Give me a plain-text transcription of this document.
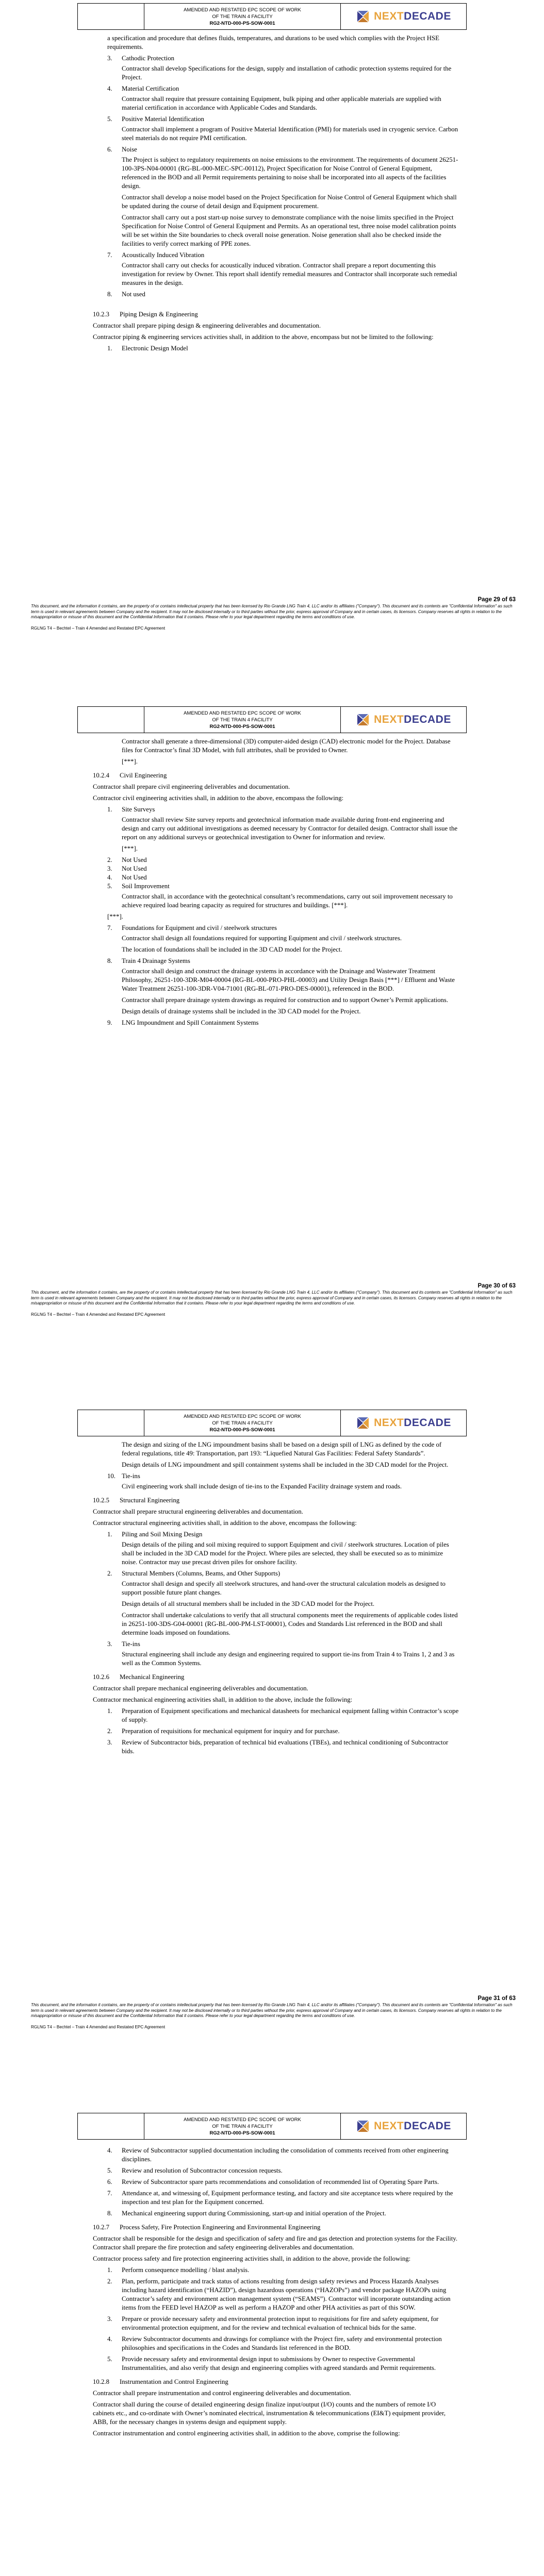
AMENDED AND RESTATED EPC SCOPE OF WORK
OF THE TRAIN 4 FACILITY
RG2-NTD-000-PS-SOW-0001
NEXTDECADE

a specification and procedure that defines fluids, temperatures, and durations to be used which complies with the Project HSE requirements.

3.	Cathodic Protection

Contractor shall develop Specifications for the design, supply and installation of cathodic protection systems required for the Project.

4.	Material Certification

Contractor shall require that pressure containing Equipment, bulk piping and other applicable materials are supplied with material certification in accordance with Applicable Codes and Standards.

5.	Positive Material Identification

Contractor shall implement a program of Positive Material Identification (PMI) for materials used in cryogenic service. Carbon steel materials do not require PMI certification.

6.	Noise

The Project is subject to regulatory requirements on noise emissions to the environment. The requirements of document 26251-100-3PS-N04-00001 (RG-BL-000-MEC-SPC-00112), Project Specification for Noise Control of General Equipment, referenced in the BOD and all Permit requirements pertaining to noise shall be incorporated into all aspects of the facilities design.

Contractor shall develop a noise model based on the Project Specification for Noise Control of General Equipment which shall be updated during the course of detail design and Equipment procurement.

Contractor shall carry out a post start-up noise survey to demonstrate compliance with the noise limits specified in the Project Specification for Noise Control of General Equipment and Permits. As an operational test, three noise model calibration points will be set within the Site boundaries to check overall noise generation. Noise generation shall also be checked inside the facilities to verify correct marking of PPE zones.

7.	Acoustically Induced Vibration

Contractor shall carry out checks for acoustically induced vibration. Contractor shall prepare a report documenting this investigation for review by Owner. This report shall identify remedial measures and Contractor shall incorporate such remedial measures in the design.

8.	Not used
10.2.3	Piping Design & Engineering

Contractor shall prepare piping design & engineering deliverables and documentation.

Contractor piping & engineering services activities shall, in addition to the above, encompass but not be limited to the following:

1.	Electronic Design Model
Page 29 of 63
This document, and the information it contains, are the property of or contains intellectual property that has been licensed by Rio Grande LNG Train 4, LLC and/or its affiliates ("Company"). This document and its contents are "Confidential Information" as such term is used in relevant agreements between Company and the recipient. It may not be disclosed internally or to third parties without the prior, express approval of Company and in certain cases, its licensors. Company reserves all rights in relation to the misappropriation or misuse of this document and the Confidential Information that it contains. Please refer to your legal department regarding the terms and conditions of use.
RGLNG T4 – Bechtel – Train 4 Amended and Restated EPC Agreement
AMENDED AND RESTATED EPC SCOPE OF WORK
OF THE TRAIN 4 FACILITY
RG2-NTD-000-PS-SOW-0001
NEXTDECADE

Contractor shall generate a three-dimensional (3D) computer-aided design (CAD) electronic model for the Project. Database files for Contractor’s final 3D Model, with full attributes, shall be provided to Owner.

[***].

10.2.4	Civil Engineering

Contractor shall prepare civil engineering deliverables and documentation.

Contractor civil engineering activities shall, in addition to the above, encompass the following:

1.	Site Surveys

Contractor shall review Site survey reports and geotechnical information made available during front-end engineering and design and carry out additional investigations as deemed necessary by Contractor for detailed design. Contractor shall issue the report on any additional surveys or geotechnical investigation to Owner for information and review.

[***].

2.	Not Used
3.	Not Used
4.	Not Used
5.	Soil Improvement

Contractor shall, in accordance with the geotechnical consultant’s recommendations, carry out soil improvement necessary to achieve required load bearing capacity as required for structures and buildings. [***].

[***].

7.	Foundations for Equipment and civil / steelwork structures

Contractor shall design all foundations required for supporting Equipment and civil / steelwork structures.

The location of foundations shall be included in the 3D CAD model for the Project.

8.	Train 4 Drainage Systems

Contractor shall design and construct the drainage systems in accordance with the Drainage and Wastewater Treatment Philosophy, 26251-100-3DR-M04-00004 (RG-BL-000-PRO-PHL-00003) and Utility Design Basis [***] / Effluent and Waste Water Treatment 26251-100-3DR-V04-71001 (RG-BL-071-PRO-DES-00001), referenced in the BOD.

Contractor shall prepare drainage system drawings as required for construction and to support Owner’s Permit applications.

Design details of drainage systems shall be included in the 3D CAD model for the Project.

9.	LNG Impoundment and Spill Containment Systems
Page 30 of 63
This document, and the information it contains, are the property of or contains intellectual property that has been licensed by Rio Grande LNG Train 4, LLC and/or its affiliates ("Company"). This document and its contents are "Confidential Information" as such term is used in relevant agreements between Company and the recipient. It may not be disclosed internally or to third parties without the prior, express approval of Company and in certain cases, its licensors. Company reserves all rights in relation to the misappropriation or misuse of this document and the Confidential Information that it contains. Please refer to your legal department regarding the terms and conditions of use.
RGLNG T4 – Bechtel – Train 4 Amended and Restated EPC Agreement
AMENDED AND RESTATED EPC SCOPE OF WORK
OF THE TRAIN 4 FACILITY
RG2-NTD-000-PS-SOW-0001
NEXTDECADE

The design and sizing of the LNG impoundment basins shall be based on a design spill of LNG as defined by the code of federal regulations, title 49: Transportation, part 193: “Liquefied Natural Gas Facilities: Federal Safety Standards”.

Design details of LNG impoundment and spill containment systems shall be included in the 3D CAD model for the Project.

10. Tie-ins

Civil engineering work shall include design of tie-ins to the Expanded Facility drainage system and roads.

10.2.5	Structural Engineering

Contractor shall prepare structural engineering deliverables and documentation.

Contractor structural engineering activities shall, in addition to the above, encompass the following:

1.	Piling and Soil Mixing Design

Design details of the piling and soil mixing required to support Equipment and civil / steelwork structures. Location of piles shall be included in the 3D CAD model for the Project. Where piles are selected, they shall be executed so as to minimize noise. Contractor may use precast driven piles for onshore facility.

2.	Structural Members (Columns, Beams, and Other Supports)

Contractor shall design and specify all steelwork structures, and hand-over the structural calculation models as designed to support possible future plant changes.

Design details of all structural members shall be included in the 3D CAD model for the Project.

Contractor shall undertake calculations to verify that all structural components meet the requirements of applicable codes listed in 26251-100-3DS-G04-00001 (RG-BL-000-PM-LST-00001), Codes and Standards List referenced in the BOD and shall determine loads imposed on foundations.

3.	Tie-ins

Structural engineering shall include any design and engineering required to support tie-ins from Train 4 to Trains 1, 2 and 3 as well as the Common Systems.

10.2.6	Mechanical Engineering

Contractor shall prepare mechanical engineering deliverables and documentation.

Contractor mechanical engineering activities shall, in addition to the above, include the following:

1.	Preparation of Equipment specifications and mechanical datasheets for mechanical equipment falling within Contractor’s scope of supply.
2.	Preparation of requisitions for mechanical equipment for inquiry and for purchase.
3.	Review of Subcontractor bids, preparation of technical bid evaluations (TBEs), and technical conditioning of Subcontractor bids.
Page 31 of 63
This document, and the information it contains, are the property of or contains intellectual property that has been licensed by Rio Grande LNG Train 4, LLC and/or its affiliates ("Company"). This document and its contents are "Confidential Information" as such term is used in relevant agreements between Company and the recipient. It may not be disclosed internally or to third parties without the prior, express approval of Company and in certain cases, its licensors. Company reserves all rights in relation to the misappropriation or misuse of this document and the Confidential Information that it contains. Please refer to your legal department regarding the terms and conditions of use.
RGLNG T4 – Bechtel – Train 4 Amended and Restated EPC Agreement
AMENDED AND RESTATED EPC SCOPE OF WORK
OF THE TRAIN 4 FACILITY
RG2-NTD-000-PS-SOW-0001
NEXTDECADE
4.	Review of Subcontractor supplied documentation including the consolidation of comments received from other engineering disciplines.
5.	Review and resolution of Subcontractor concession requests.
6.	Review of Subcontractor spare parts recommendations and consolidation of recommended list of Operating Spare Parts.
7.	Attendance at, and witnessing of, Equipment performance testing, and factory and site acceptance tests where required by the inspection and test plan for the Equipment concerned.
8.	Mechanical engineering support during Commissioning, start-up and initial operation of the Project.
10.2.7	Process Safety, Fire Protection Engineering and Environmental Engineering

Contractor shall be responsible for the design and specification of safety and fire and gas detection and protection systems for the Facility. Contractor shall prepare the fire protection and safety engineering deliverables and documentation.

Contractor process safety and fire protection engineering activities shall, in addition to the above, provide the following:

1.	Perform consequence modelling / blast analysis.
2.	Plan, perform, participate and track status of actions resulting from design safety reviews and Process Hazards Analyses including hazard identification (“HAZID”), design hazardous operations (“HAZOPs”) and vendor package HAZOPs using Contractor’s safety and environment action management system (“SEAMS”). Contractor will incorporate outstanding action items from the FEED level HAZOP as well as perform a HAZOP and other PHA activities as part of this SOW.
3.	Prepare or provide necessary safety and environmental protection input to requisitions for fire and safety equipment, for environmental protection equipment, and for the review and technical evaluation of technical bids for the same.
4.	Review Subcontractor documents and drawings for compliance with the Project fire, safety and environmental protection philosophies and specifications in the Codes and Standards list referenced in the BOD.
5.	Provide necessary safety and environmental design input to submissions by Owner to respective Governmental Instrumentalities, and also verify that design and engineering complies with agreed standards and Permit requirements.
10.2.8	Instrumentation and Control Engineering

Contractor shall prepare instrumentation and control engineering deliverables and documentation.

Contractor shall during the course of detailed engineering design finalize input/output (I/O) counts and the numbers of remote I/O cabinets etc., and co-ordinate with Owner’s nominated electrical, instrumentation & telecommunications (EI&T) equipment provider, ABB, for the necessary changes in systems design and equipment supply.

Contractor instrumentation and control engineering activities shall, in addition to the above, comprise the following:
